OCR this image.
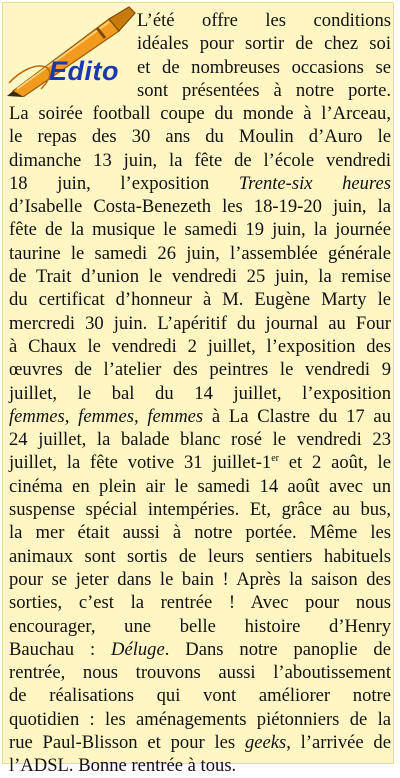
Edito
L’été offre les conditions
idéales pour sortir de chez soi
et de nombreuses occasions se
sont présentées à notre porte.
La soirée football coupe du monde à l’Arceau,
le repas des 30 ans du Moulin d’Auro le
dimanche 13 juin, la fête de l’école vendredi
18 juin, l’exposition Trente-six heures
d’Isabelle Costa-Benezeth les 18-19-20 juin, la
fête de la musique le samedi 19 juin, la journée
taurine le samedi 26 juin, l’assemblée générale
de Trait d’union le vendredi 25 juin, la remise
du certificat d’honneur à M. Eugène Marty le
mercredi 30 juin. L’apéritif du journal au Four
à Chaux le vendredi 2 juillet, l’exposition des
œuvres de l’atelier des peintres le vendredi 9
juillet, le bal du 14 juillet, l’exposition
femmes, femmes, femmes à La Clastre du 17 au
24 juillet, la balade blanc rosé le vendredi 23
juillet, la fête votive 31 juillet-1er et 2 août, le
cinéma en plein air le samedi 14 août avec un
suspense spécial intempéries. Et, grâce au bus,
la mer était aussi à notre portée. Même les
animaux sont sortis de leurs sentiers habituels
pour se jeter dans le bain ! Après la saison des
sorties, c’est la rentrée ! Avec pour nous
encourager, une belle histoire d’Henry
Bauchau : Déluge. Dans notre panoplie de
rentrée, nous trouvons aussi l’aboutissement
de réalisations qui vont améliorer notre
quotidien : les aménagements piétonniers de la
rue Paul-Blisson et pour les geeks, l’arrivée de
l’ADSL. Bonne rentrée à tous.
